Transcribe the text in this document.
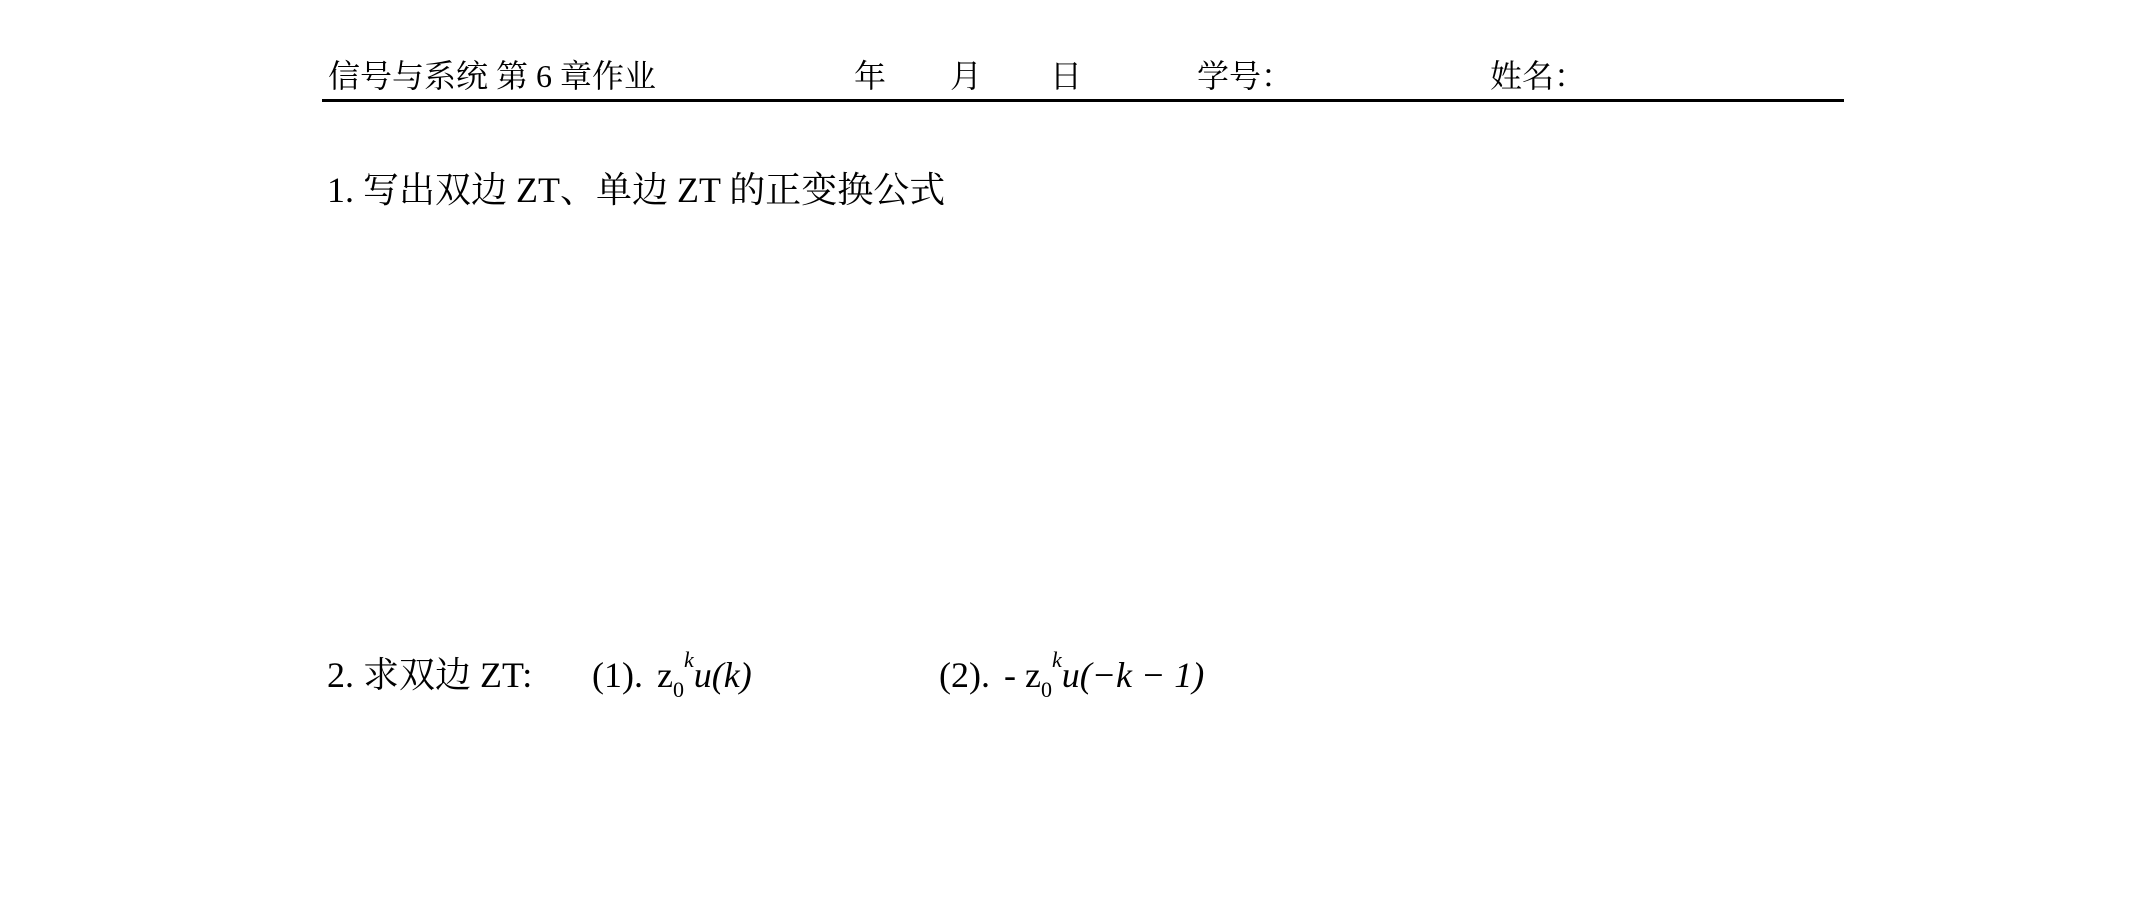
信号与系统 第 6 章作业	年 月 日	学号：	姓名：
1. 写出双边 ZT、单边 ZT 的正变换公式
2. 求双边 ZT: (1). $z_0^ku(k)$	(2). - $z_0^ku(-k - 1)$
